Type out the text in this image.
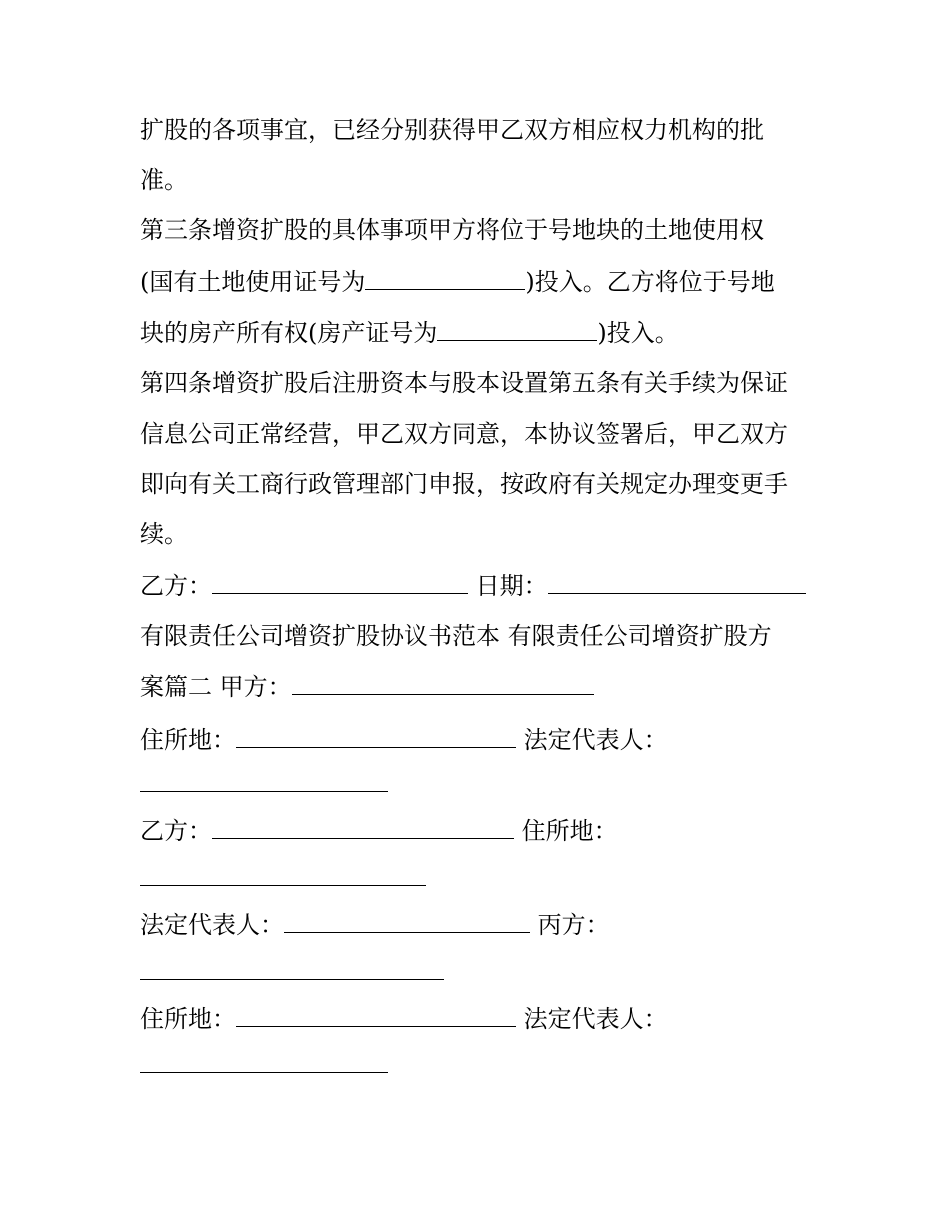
扩股的各项事宜，已经分别获得甲乙双方相应权力机构的批
准。
第三条增资扩股的具体事项甲方将位于号地块的土地使用权
(国有土地使用证号为	)投入。乙方将位于号地
块的房产所有权(房产证号为	)投入。
第四条增资扩股后注册资本与股本设置第五条有关手续为保证
信息公司正常经营，甲乙双方同意，本协议签署后，甲乙双方
即向有关工商行政管理部门申报，按政府有关规定办理变更手
续。
乙方：	日期：
有限责任公司增资扩股协议书范本 有限责任公司增资扩股方
案篇二 甲方：
住所地：	法定代表人：
乙方：	住所地：
法定代表人：	丙方：
住所地：	法定代表人：
